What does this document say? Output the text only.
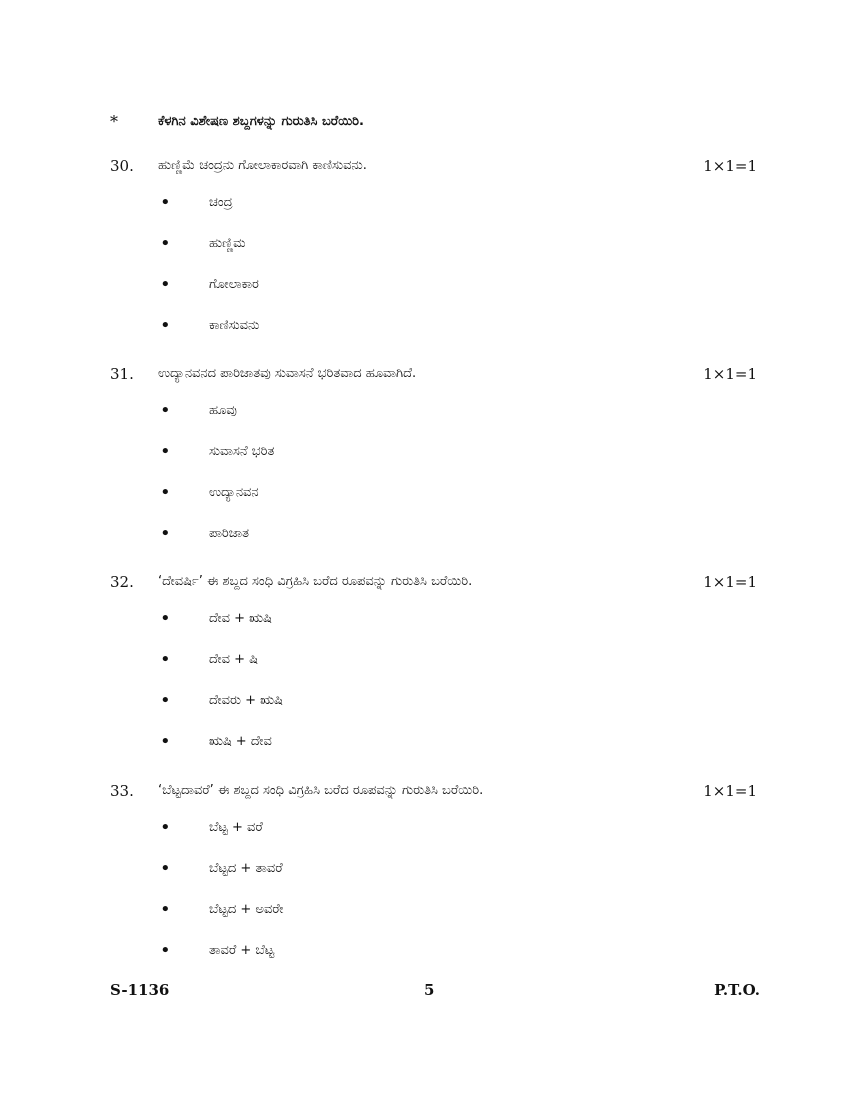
*	ಕೆಳಗಿನ ವಿಶೇಷಣ ಶಬ್ದಗಳನ್ನು ಗುರುತಿಸಿ ಬರೆಯಿರಿ.
30. ಹುಣ್ಣಿಮೆ ಚಂದ್ರನು ಗೋಲಾಕಾರವಾಗಿ ಕಾಣಿಸುವನು.	1×1=1
•	ಚಂದ್ರ
•	ಹುಣ್ಣಿಮ
•	ಗೋಲಾಕಾರ
•	ಕಾಣಿಸುವನು
31. ಉದ್ಯಾನವನದ ಪಾರಿಜಾತವು ಸುವಾಸನೆ ಭರಿತವಾದ ಹೂವಾಗಿದೆ.	1×1=1
•	ಹೂವು
•	ಸುವಾಸನೆ ಭರಿತ
•	ಉದ್ಯಾನವನ
•	ಪಾರಿಜಾತ
32. ‘ದೇವರ್ಷಿ’ ಈ ಶಬ್ದದ ಸಂಧಿ ವಿಗ್ರಹಿಸಿ ಬರೆದ ರೂಪವನ್ನು ಗುರುತಿಸಿ ಬರೆಯಿರಿ.	1×1=1
•	ದೇವ + ಋಷಿ
•	ದೇವ + ಷಿ
•	ದೇವರು + ಋಷಿ
•	ಋಷಿ + ದೇವ
33. ‘ಬೆಟ್ಟದಾವರೆ’ ಈ ಶಬ್ದದ ಸಂಧಿ ವಿಗ್ರಹಿಸಿ ಬರೆದ ರೂಪವನ್ನು ಗುರುತಿಸಿ ಬರೆಯಿರಿ.	1×1=1
•	ಬೆಟ್ಟ + ವರೆ
•	ಬೆಟ್ಟದ + ತಾವರೆ
•	ಬೆಟ್ಟದ + ಅವರೇ
•	ತಾವರೆ + ಬೆಟ್ಟ
S-1136	5	P.T.O.
